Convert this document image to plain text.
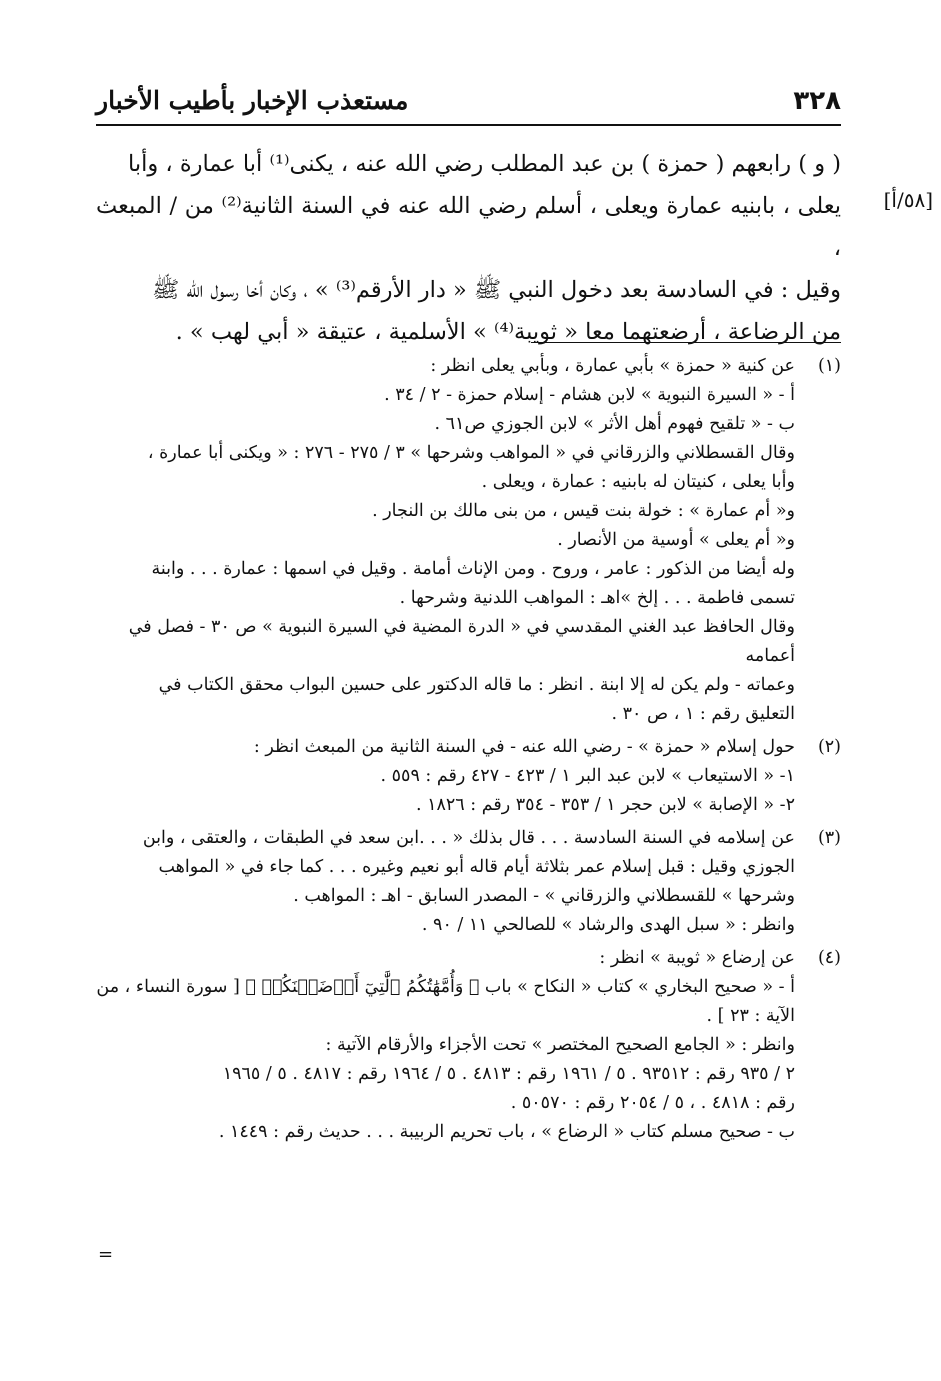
٣٢٨
مستعذب الإخبار بأطيب الأخبار
[٥٨/أ]

( و ) رابعهم ( حمزة ) بن عبد المطلب رضي الله عنه ، يكنى⁽¹⁾ أبا عمارة ، وأبا

يعلى ، بابنيه عمارة ويعلى ، أسلم رضي الله عنه في السنة الثانية⁽²⁾ من / المبعث ،

وقيل : في السادسة بعد دخول النبي ﷺ « دار الأرقم⁽³⁾ » ، وكان أخا رسول الله ﷺ

من الرضاعة ، أرضعتهما معا « ثويبة⁽⁴⁾ » الأسلمية ، عتيقة « أبي لهب » .

(١)

عن كنية « حمزة » بأبي عمارة ، وبأبي يعلى انظر :

أ - « السيرة النبوية » لابن هشام - إسلام حمزة - ٢ / ٣٤ .

ب - « تلقيح فهوم أهل الأثر » لابن الجوزي ص٦١ .

وقال القسطلاني والزرقاني في « المواهب وشرحها » ٣ / ٢٧٥ - ٢٧٦ : « ويكنى أبا عمارة ،

وأبا يعلى ، كنيتان له بابنيه : عمارة ، ويعلى .

و« أم عمارة » : خولة بنت قيس ، من بنى مالك بن النجار .

و« أم يعلى » أوسية من الأنصار .

وله أيضا من الذكور : عامر ، وروح . ومن الإناث أمامة . وقيل في اسمها : عمارة . . . وابنة

تسمى فاطمة . . . إلخ »اهـ : المواهب اللدنية وشرحها .

وقال الحافظ عبد الغني المقدسي في « الدرة المضية في السيرة النبوية » ص ٣٠ - فصل في أعمامه

وعماته - ولم يكن له إلا ابنة . انظر : ما قاله الدكتور على حسين البواب محقق الكتاب في

التعليق رقم : ١ ، ص ٣٠ .

(٢)

حول إسلام « حمزة » - رضي الله عنه - في السنة الثانية من المبعث انظر :

١- « الاستيعاب » لابن عبد البر ١ / ٤٢٣ - ٤٢٧ رقم : ٥٥٩ .

٢- « الإصابة » لابن حجر ١ / ٣٥٣ - ٣٥٤ رقم : ١٨٢٦ .

(٣)

عن إسلامه في السنة السادسة . . . قال بذلك « . . .ابن سعد في الطبقات ، والعتقى ، وابن

الجوزي وقيل : قبل إسلام عمر بثلاثة أيام قاله أبو نعيم وغيره . . . كما جاء في « المواهب

وشرحها » للقسطلاني والزرقاني » - المصدر السابق - اهـ : المواهب .

وانظر : « سبل الهدى والرشاد » للصالحي ١١ / ٩٠ .

(٤)

عن إرضاع « ثويبة » انظر :

أ - « صحيح البخاري » كتاب « النكاح » باب ﴿ وَأُمَّهَٰتُكُمُ ٱلَّٰتِيٓ أَرۡضَعۡنَكُمۡ ﴾ [ سورة النساء ، من

الآية : ٢٣ ] .

وانظر : « الجامع الصحيح المختصر » تحت الأجزاء والأرقام الآتية :

٢ / ٩٣٥ رقم : ٩٣٥١٢ . ٥ / ١٩٦١ رقم : ٤٨١٣ . ٥ / ١٩٦٤ رقم : ٤٨١٧ . ٥ / ١٩٦٥

رقم : ٤٨١٨ . ، ٥ / ٢٠٥٤ رقم : ٥٠٥٧٠ .

ب - صحيح مسلم كتاب « الرضاع » ، باب تحريم الربيبة . . . حديث رقم : ١٤٤٩ .

=
